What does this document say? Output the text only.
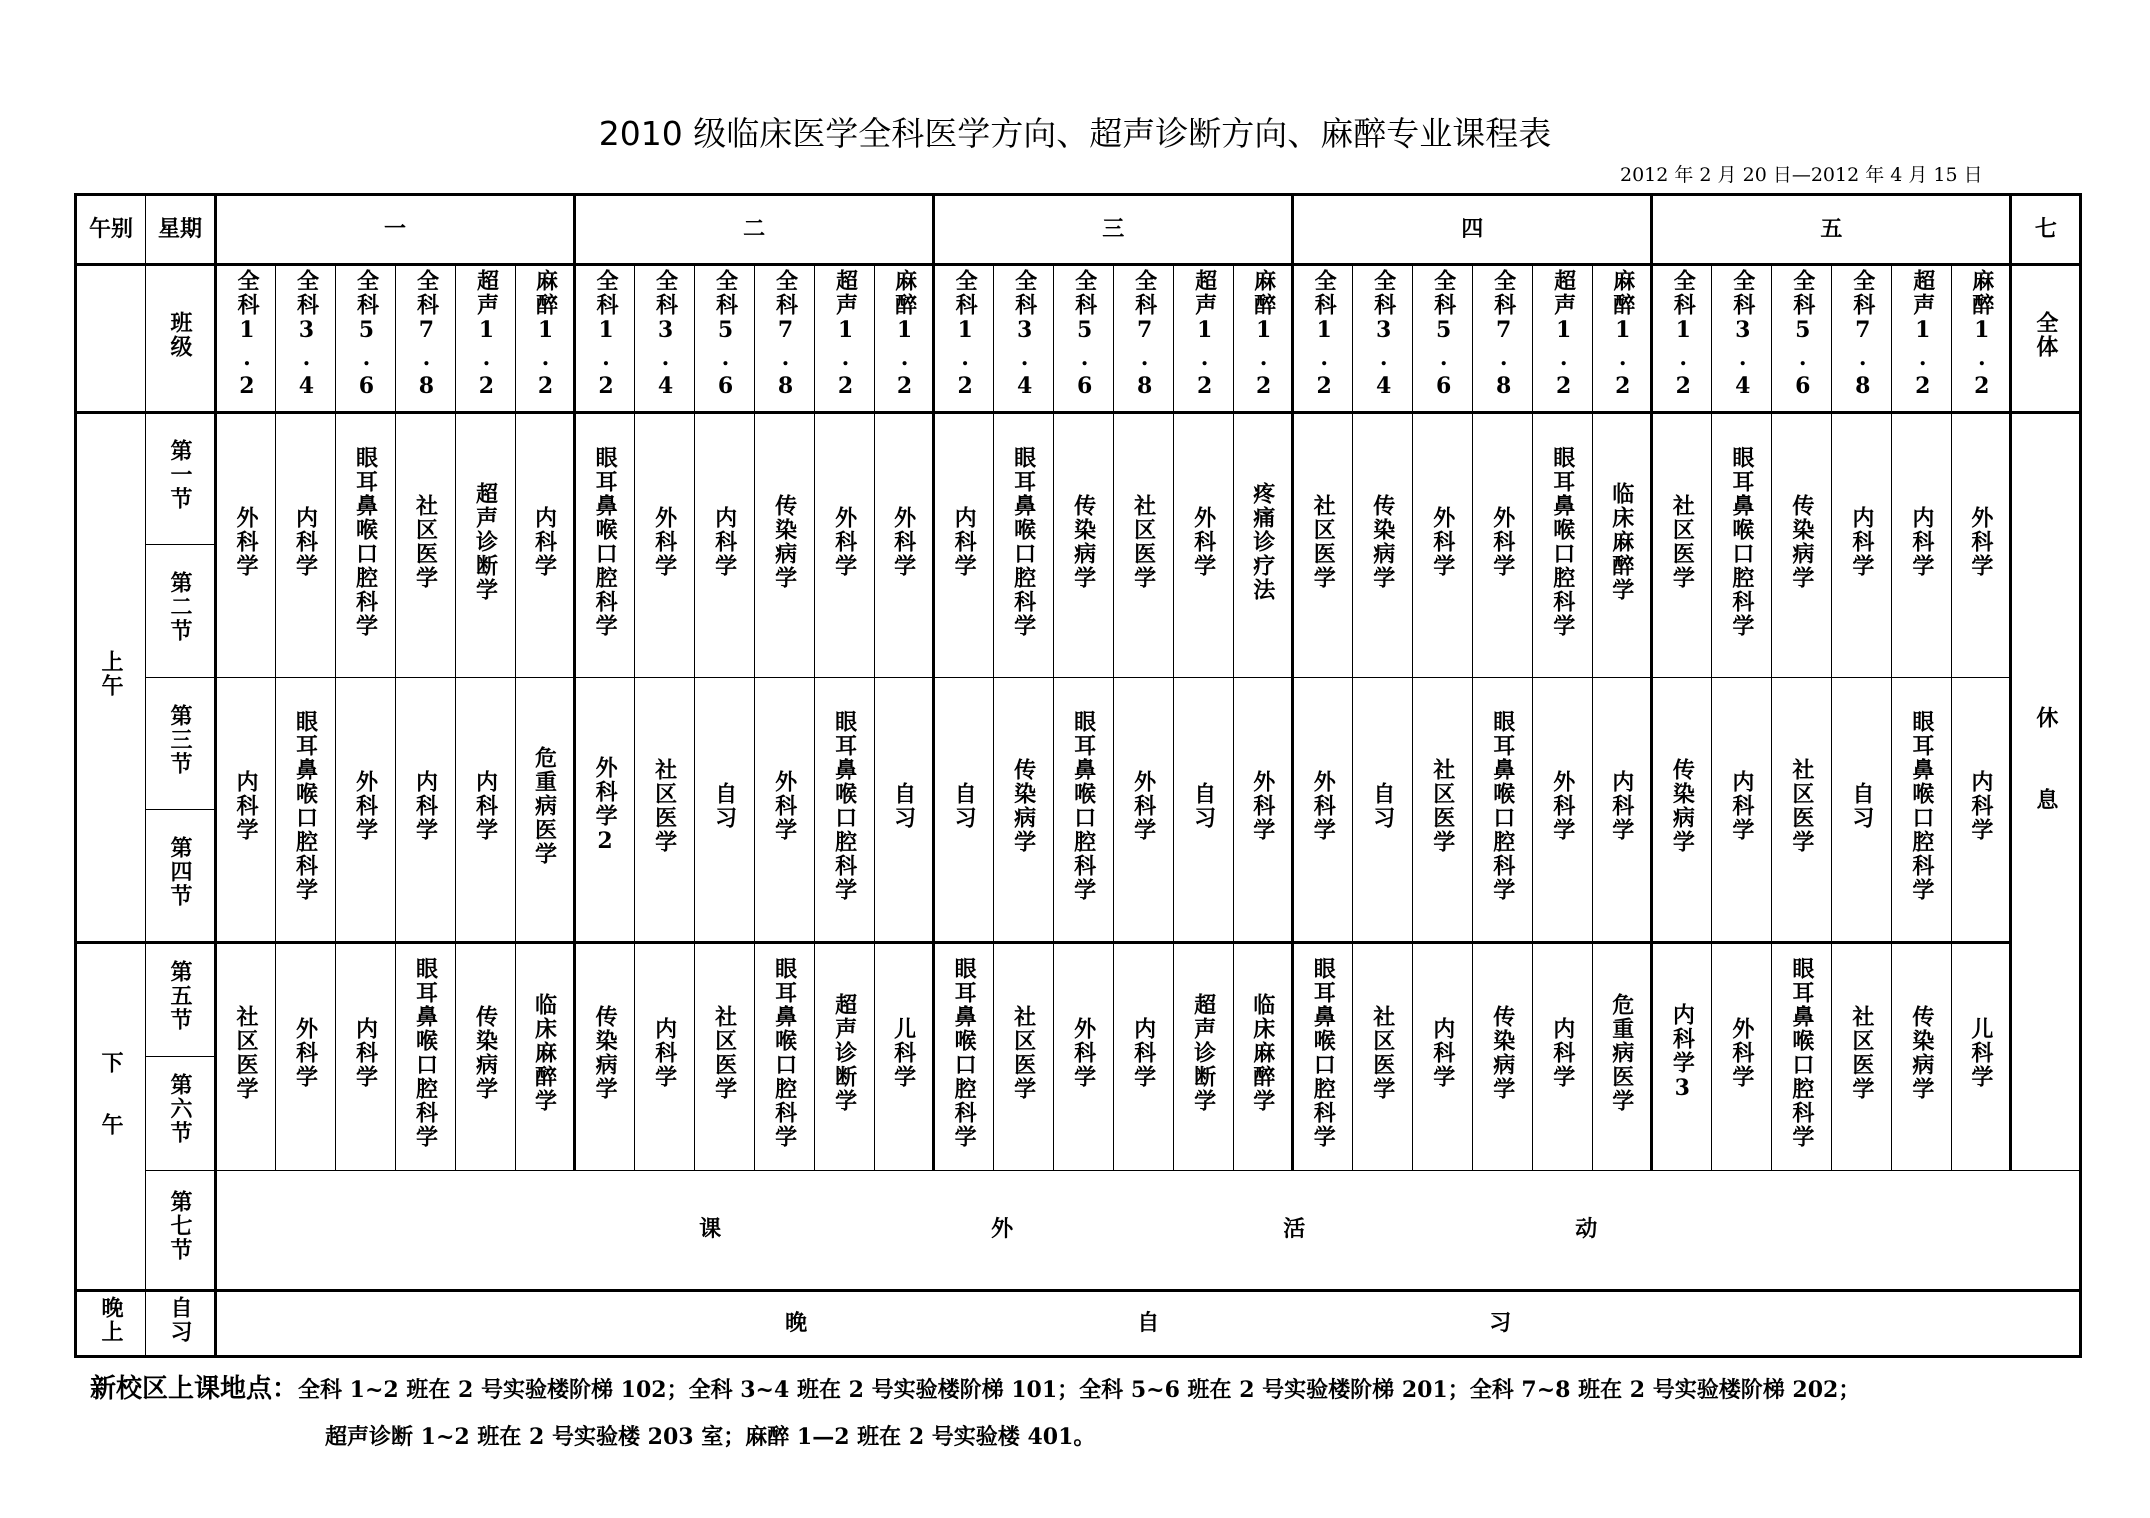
2010 级临床医学全科医学方向、超声诊断方向、麻醉专业课程表
2012 年 2 月 20 日—2012 年 4 月 15 日
午别	星期	一						二						三						四						五						七
	班级	全科1.2	全科3.4	全科5.6	全科7.8	超声1.2	麻醉1.2	全科1.2	全科3.4	全科5.6	全科7.8	超声1.2	麻醉1.2	全科1.2	全科3.4	全科5.6	全科7.8	超声1.2	麻醉1.2	全科1.2	全科3.4	全科5.6	全科7.8	超声1.2	麻醉1.2	全科1.2	全科3.4	全科5.6	全科7.8	超声1.2	麻醉1.2	全体
上午	第一节	外科学	内科学	眼耳鼻喉口腔科学	社区医学	超声诊断学	内科学	眼耳鼻喉口腔科学	外科学	内科学	传染病学	外科学	外科学	内科学	眼耳鼻喉口腔科学	传染病学	社区医学	外科学	疼痛诊疗法	社区医学	传染病学	外科学	外科学	眼耳鼻喉口腔科学	临床麻醉学	社区医学	眼耳鼻喉口腔科学	传染病学	内科学	内科学	外科学	休息
	第二节																															
	第三节	内科学	眼耳鼻喉口腔科学	外科学	内科学	内科学	危重病医学	外科学2	社区医学	自习	外科学	眼耳鼻喉口腔科学	自习	自习	传染病学	眼耳鼻喉口腔科学	外科学	自习	外科学	外科学	自习	社区医学	眼耳鼻喉口腔科学	外科学	内科学	传染病学	内科学	社区医学	自习	眼耳鼻喉口腔科学	内科学	
	第四节																															
下午	第五节	社区医学	外科学	内科学	眼耳鼻喉口腔科学	传染病学	临床麻醉学	传染病学	内科学	社区医学	眼耳鼻喉口腔科学	超声诊断学	儿科学	眼耳鼻喉口腔科学	社区医学	外科学	内科学	超声诊断学	临床麻醉学	眼耳鼻喉口腔科学	社区医学	内科学	传染病学	内科学	危重病医学	内科学3	外科学	眼耳鼻喉口腔科学	社区医学	传染病学	儿科学	
	第六节																															
	第七节	课 外 活 动																														
晚上	自习	晚 自 习																														
新校区上课地点：全科 1~2 班在 2 号实验楼阶梯 102；全科 3~4 班在 2 号实验楼阶梯 101；全科 5~6 班在 2 号实验楼阶梯 201；全科 7~8 班在 2 号实验楼阶梯 202；
超声诊断 1~2 班在 2 号实验楼 203 室；麻醉 1—2 班在 2 号实验楼 401。
